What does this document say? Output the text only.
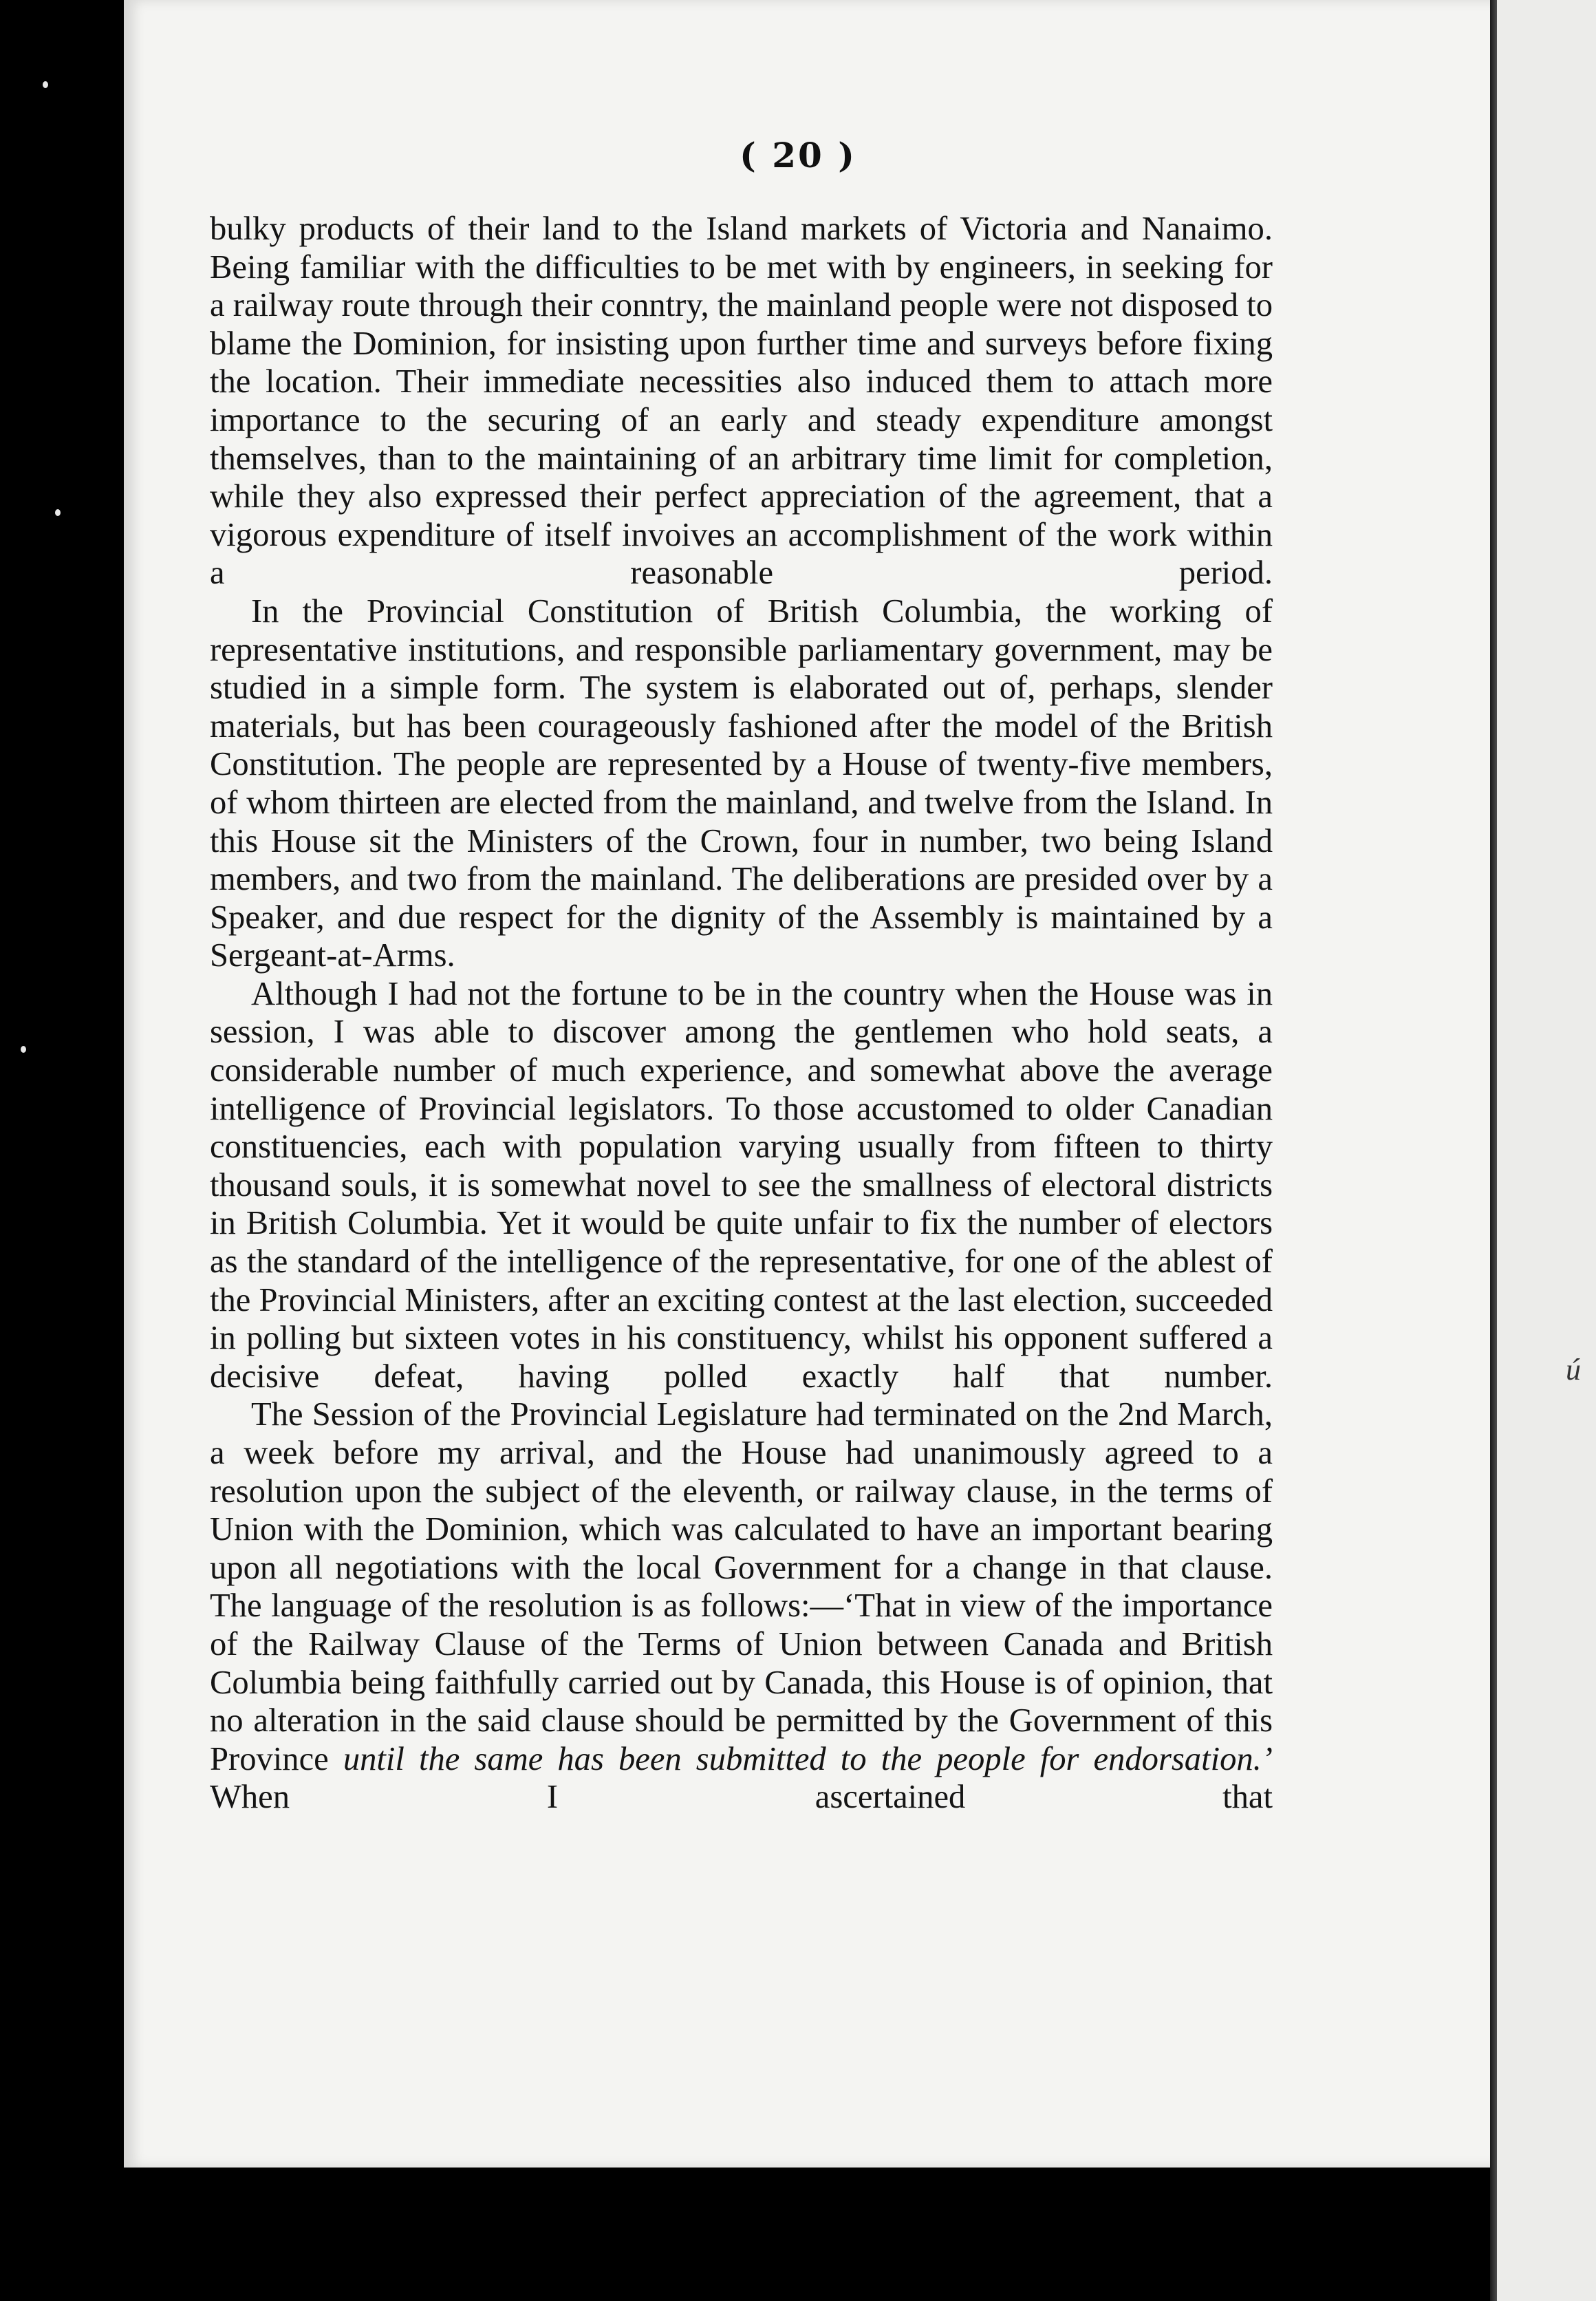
ú
( 20 )

bulky products of their land to the Island markets of Victoria and Nanaimo. Being familiar with the difficulties to be met with by engineers, in seeking for a railway route through their conntry, the mainland people were not disposed to blame the Dominion, for insisting upon further time and surveys before fixing the location. Their immediate necessities also induced them to attach more importance to the securing of an early and steady expenditure amongst themselves, than to the maintaining of an arbitrary time limit for completion, while they also expressed their perfect appreciation of the agreement, that a vigorous expenditure of itself invoives an accomplishment of the work within a reasonable period.

In the Provincial Constitution of British Columbia, the working of representative institutions, and responsible parliamentary government, may be studied in a simple form. The system is elaborated out of, perhaps, slender materials, but has been courageously fashioned after the model of the British Constitution. The people are represented by a House of twenty-five members, of whom thirteen are elected from the mainland, and twelve from the Island. In this House sit the Ministers of the Crown, four in number, two being Island members, and two from the mainland. The deliberations are presided over by a Speaker, and due respect for the dignity of the Assembly is maintained by a Sergeant-at-Arms.

Although I had not the fortune to be in the country when the House was in session, I was able to discover among the gentlemen who hold seats, a considerable number of much experience, and somewhat above the average intelligence of Provincial legislators. To those accustomed to older Canadian constituencies, each with population varying usually from fifteen to thirty thousand souls, it is somewhat novel to see the smallness of electoral districts in British Columbia. Yet it would be quite unfair to fix the number of electors as the standard of the intelligence of the representative, for one of the ablest of the Provincial Ministers, after an exciting contest at the last election, succeeded in polling but sixteen votes in his constituency, whilst his opponent suffered a decisive defeat, having polled exactly half that number.

The Session of the Provincial Legislature had terminated on the 2nd March, a week before my arrival, and the House had unanimously agreed to a resolution upon the subject of the eleventh, or railway clause, in the terms of Union with the Dominion, which was calculated to have an important bearing upon all negotiations with the local Government for a change in that clause. The language of the resolution is as follows:—‘That in view of the importance of the Railway Clause of the Terms of Union between Canada and British Columbia being faithfully carried out by Canada, this House is of opinion, that no alteration in the said clause should be permitted by the Government of this Province until the same has been submitted to the people for endorsation.’ When I ascertained that
